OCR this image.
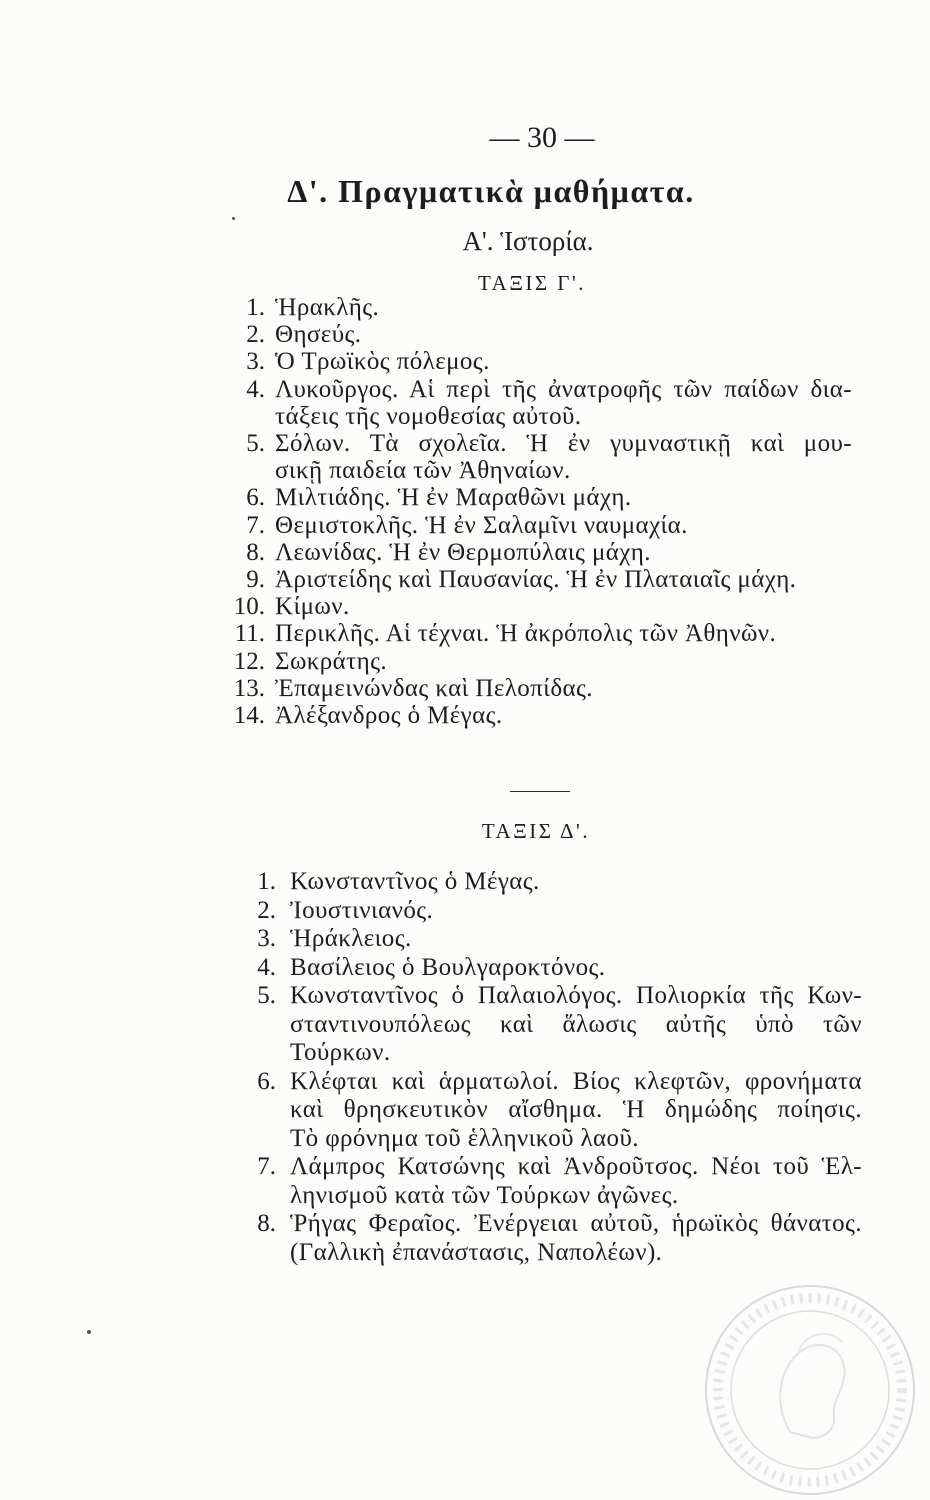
— 30 —
Δ'. Πραγματικὰ μαθήματα.
Α'. Ἱστορία.
ΤΑΞΙΣ Γ'.
1. Ἡρακλῆς.
2. Θησεύς.
3. Ὁ Τρωϊκὸς πόλεμος.
4. Λυκοῦργος. Αἱ περὶ τῆς ἀνατροφῆς τῶν παίδων δια-
τάξεις τῆς νομοθεσίας αὐτοῦ.
5. Σόλων. Τὰ σχολεῖα. Ἡ ἐν γυμναστικῇ καὶ μου-
σικῇ παιδεία τῶν Ἀθηναίων.
6. Μιλτιάδης. Ἡ ἐν Μαραθῶνι μάχη.
7. Θεμιστοκλῆς. Ἡ ἐν Σαλαμῖνι ναυμαχία.
8. Λεωνίδας. Ἡ ἐν Θερμοπύλαις μάχη.
9. Ἀριστείδης καὶ Παυσανίας. Ἡ ἐν Πλαταιαῖς μάχη.
10. Κίμων.
11. Περικλῆς. Αἱ τέχναι. Ἡ ἀκρόπολις τῶν Ἀθηνῶν.
12. Σωκράτης.
13. Ἐπαμεινώνδας καὶ Πελοπίδας.
14. Ἀλέξανδρος ὁ Μέγας.
ΤΑΞΙΣ Δ'.
1. Κωνσταντῖνος ὁ Μέγας.
2. Ἰουστινιανός.
3. Ἡράκλειος.
4. Βασίλειος ὁ Βουλγαροκτόνος.
5. Κωνσταντῖνος ὁ Παλαιολόγος. Πολιορκία τῆς Κων-
σταντινουπόλεως καὶ ἅλωσις αὐτῆς ὑπὸ τῶν
Τούρκων.
6. Κλέφται καὶ ἁρματωλοί. Βίος κλεφτῶν, φρονήματα
καὶ θρησκευτικὸν αἴσθημα. Ἡ δημώδης ποίησις.
Τὸ φρόνημα τοῦ ἑλληνικοῦ λαοῦ.
7. Λάμπρος Κατσώνης καὶ Ἀνδροῦτσος. Νέοι τοῦ Ἑλ-
ληνισμοῦ κατὰ τῶν Τούρκων ἀγῶνες.
8. Ῥήγας Φεραῖος. Ἐνέργειαι αὐτοῦ, ἡρωϊκὸς θάνατος.
(Γαλλικὴ ἐπανάστασις, Ναπολέων).
